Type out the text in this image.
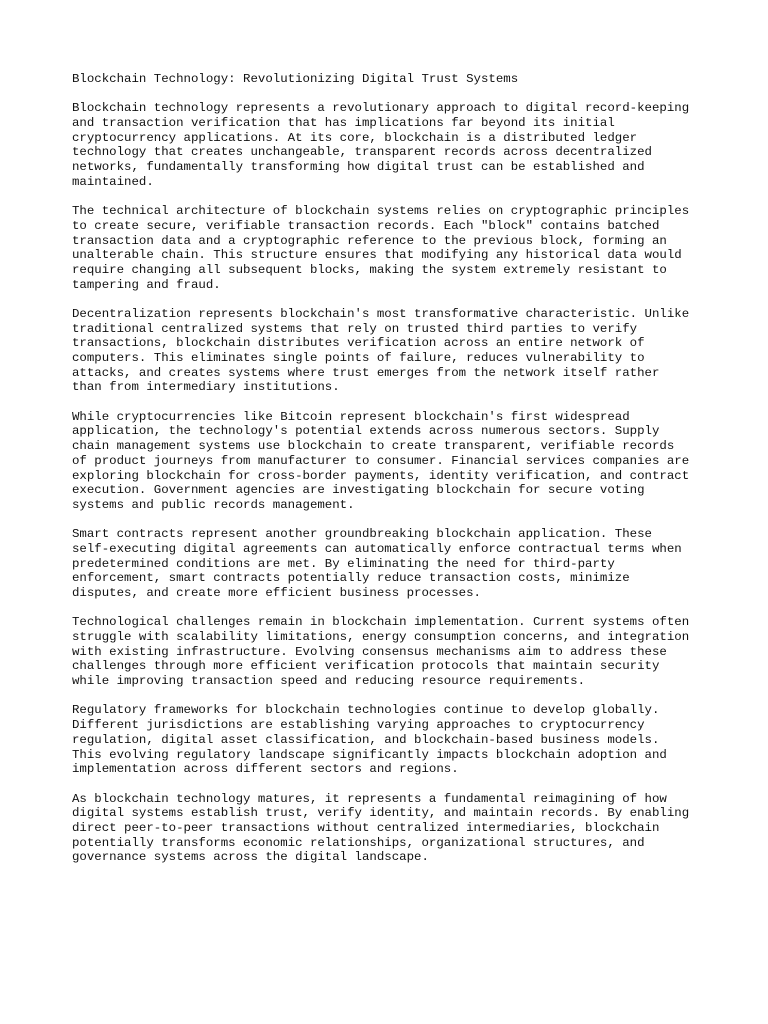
Blockchain Technology: Revolutionizing Digital Trust Systems
Blockchain technology represents a revolutionary approach to digital record-keeping
and transaction verification that has implications far beyond its initial
cryptocurrency applications. At its core, blockchain is a distributed ledger
technology that creates unchangeable, transparent records across decentralized
networks, fundamentally transforming how digital trust can be established and
maintained.
The technical architecture of blockchain systems relies on cryptographic principles
to create secure, verifiable transaction records. Each "block" contains batched
transaction data and a cryptographic reference to the previous block, forming an
unalterable chain. This structure ensures that modifying any historical data would
require changing all subsequent blocks, making the system extremely resistant to
tampering and fraud.
Decentralization represents blockchain's most transformative characteristic. Unlike
traditional centralized systems that rely on trusted third parties to verify
transactions, blockchain distributes verification across an entire network of
computers. This eliminates single points of failure, reduces vulnerability to
attacks, and creates systems where trust emerges from the network itself rather
than from intermediary institutions.
While cryptocurrencies like Bitcoin represent blockchain's first widespread
application, the technology's potential extends across numerous sectors. Supply
chain management systems use blockchain to create transparent, verifiable records
of product journeys from manufacturer to consumer. Financial services companies are
exploring blockchain for cross-border payments, identity verification, and contract
execution. Government agencies are investigating blockchain for secure voting
systems and public records management.
Smart contracts represent another groundbreaking blockchain application. These
self-executing digital agreements can automatically enforce contractual terms when
predetermined conditions are met. By eliminating the need for third-party
enforcement, smart contracts potentially reduce transaction costs, minimize
disputes, and create more efficient business processes.
Technological challenges remain in blockchain implementation. Current systems often
struggle with scalability limitations, energy consumption concerns, and integration
with existing infrastructure. Evolving consensus mechanisms aim to address these
challenges through more efficient verification protocols that maintain security
while improving transaction speed and reducing resource requirements.
Regulatory frameworks for blockchain technologies continue to develop globally.
Different jurisdictions are establishing varying approaches to cryptocurrency
regulation, digital asset classification, and blockchain-based business models.
This evolving regulatory landscape significantly impacts blockchain adoption and
implementation across different sectors and regions.
As blockchain technology matures, it represents a fundamental reimagining of how
digital systems establish trust, verify identity, and maintain records. By enabling
direct peer-to-peer transactions without centralized intermediaries, blockchain
potentially transforms economic relationships, organizational structures, and
governance systems across the digital landscape.
